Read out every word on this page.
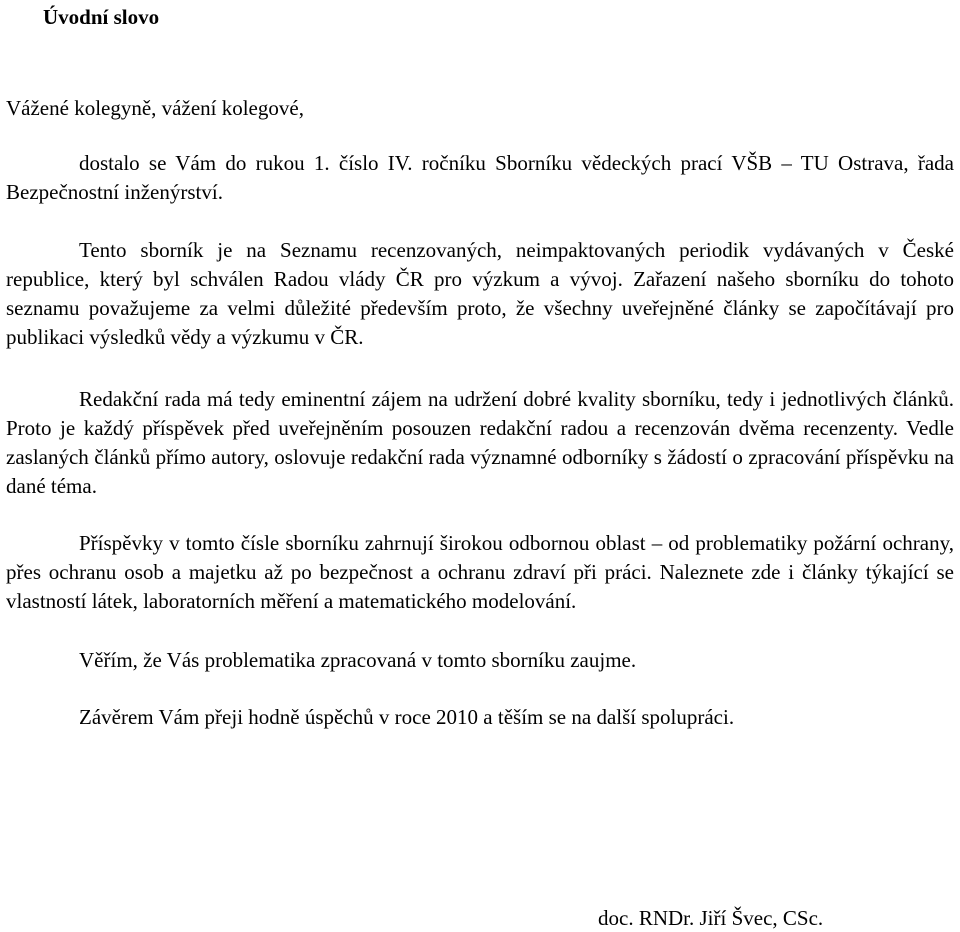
Úvodní slovo
Vážené kolegyně, vážení kolegové,

dostalo se Vám do rukou 1. číslo IV. ročníku Sborníku vědeckých prací VŠB – TU Ostrava, řada Bezpečnostní inženýrství.

Tento sborník je na Seznamu recenzovaných, neimpaktovaných periodik vydávaných v České republice, který byl schválen Radou vlády ČR pro výzkum a vývoj. Zařazení našeho sborníku do tohoto seznamu považujeme za velmi důležité především proto, že všechny uveřejněné články se započítávají pro publikaci výsledků vědy a výzkumu v ČR.

Redakční rada má tedy eminentní zájem na udržení dobré kvality sborníku, tedy i jednotlivých článků. Proto je každý příspěvek před uveřejněním posouzen redakční radou a recenzován dvěma recenzenty. Vedle zaslaných článků přímo autory, oslovuje redakční rada významné odborníky s žádostí o zpracování příspěvku na dané téma.

Příspěvky v tomto čísle sborníku zahrnují širokou odbornou oblast – od problematiky požární ochrany, přes ochranu osob a majetku až po bezpečnost a ochranu zdraví při práci. Naleznete zde i články týkající se vlastností látek, laboratorních měření a matematického modelování.

Věřím, že Vás problematika zpracovaná v tomto sborníku zaujme.

Závěrem Vám přeji hodně úspěchů v roce 2010 a těším se na další spolupráci.

doc. RNDr. Jiří Švec, CSc.
